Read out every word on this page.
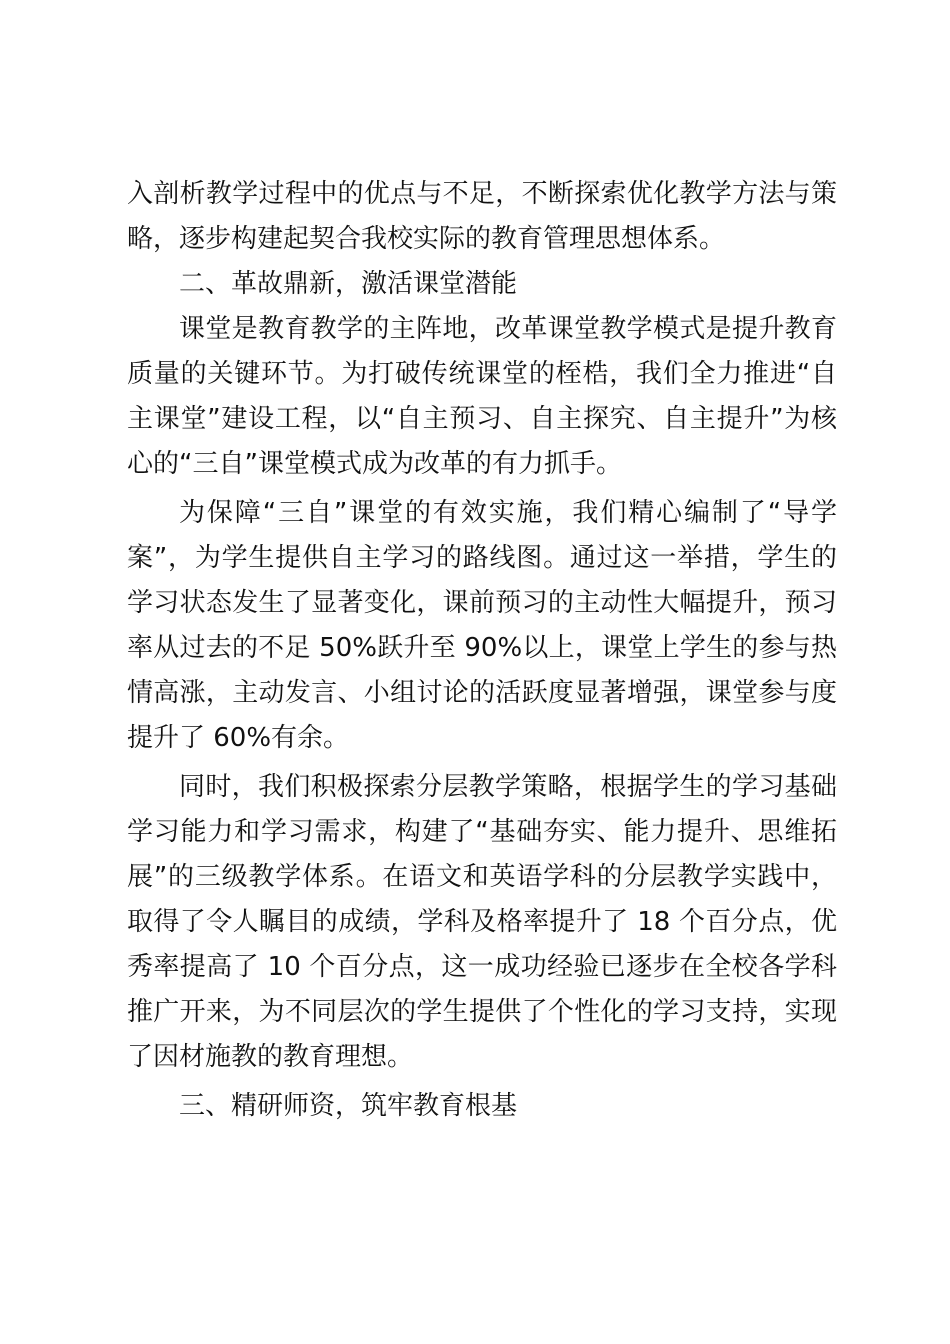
入剖析教学过程中的优点与不足，不断探索优化教学方法与策略，逐步构建起契合我校实际的教育管理思想体系。

二、革故鼎新，激活课堂潜能

课堂是教育教学的主阵地，改革课堂教学模式是提升教育质量的关键环节。为打破传统课堂的桎梏，我们全力推进“自主课堂”建设工程，以“自主预习、自主探究、自主提升”为核心的“三自”课堂模式成为改革的有力抓手。

为保障“三自”课堂的有效实施，我们精心编制了“导学案”，为学生提供自主学习的路线图。通过这一举措，学生的学习状态发生了显著变化，课前预习的主动性大幅提升，预习率从过去的不足 50%跃升至 90%以上，课堂上学生的参与热情高涨，主动发言、小组讨论的活跃度显著增强，课堂参与度提升了 60%有余。

同时，我们积极探索分层教学策略，根据学生的学习基础学习能力和学习需求，构建了“基础夯实、能力提升、思维拓展”的三级教学体系。在语文和英语学科的分层教学实践中，取得了令人瞩目的成绩，学科及格率提升了 18 个百分点，优秀率提高了 10 个百分点，这一成功经验已逐步在全校各学科推广开来，为不同层次的学生提供了个性化的学习支持，实现了因材施教的教育理想。

三、精研师资，筑牢教育根基
